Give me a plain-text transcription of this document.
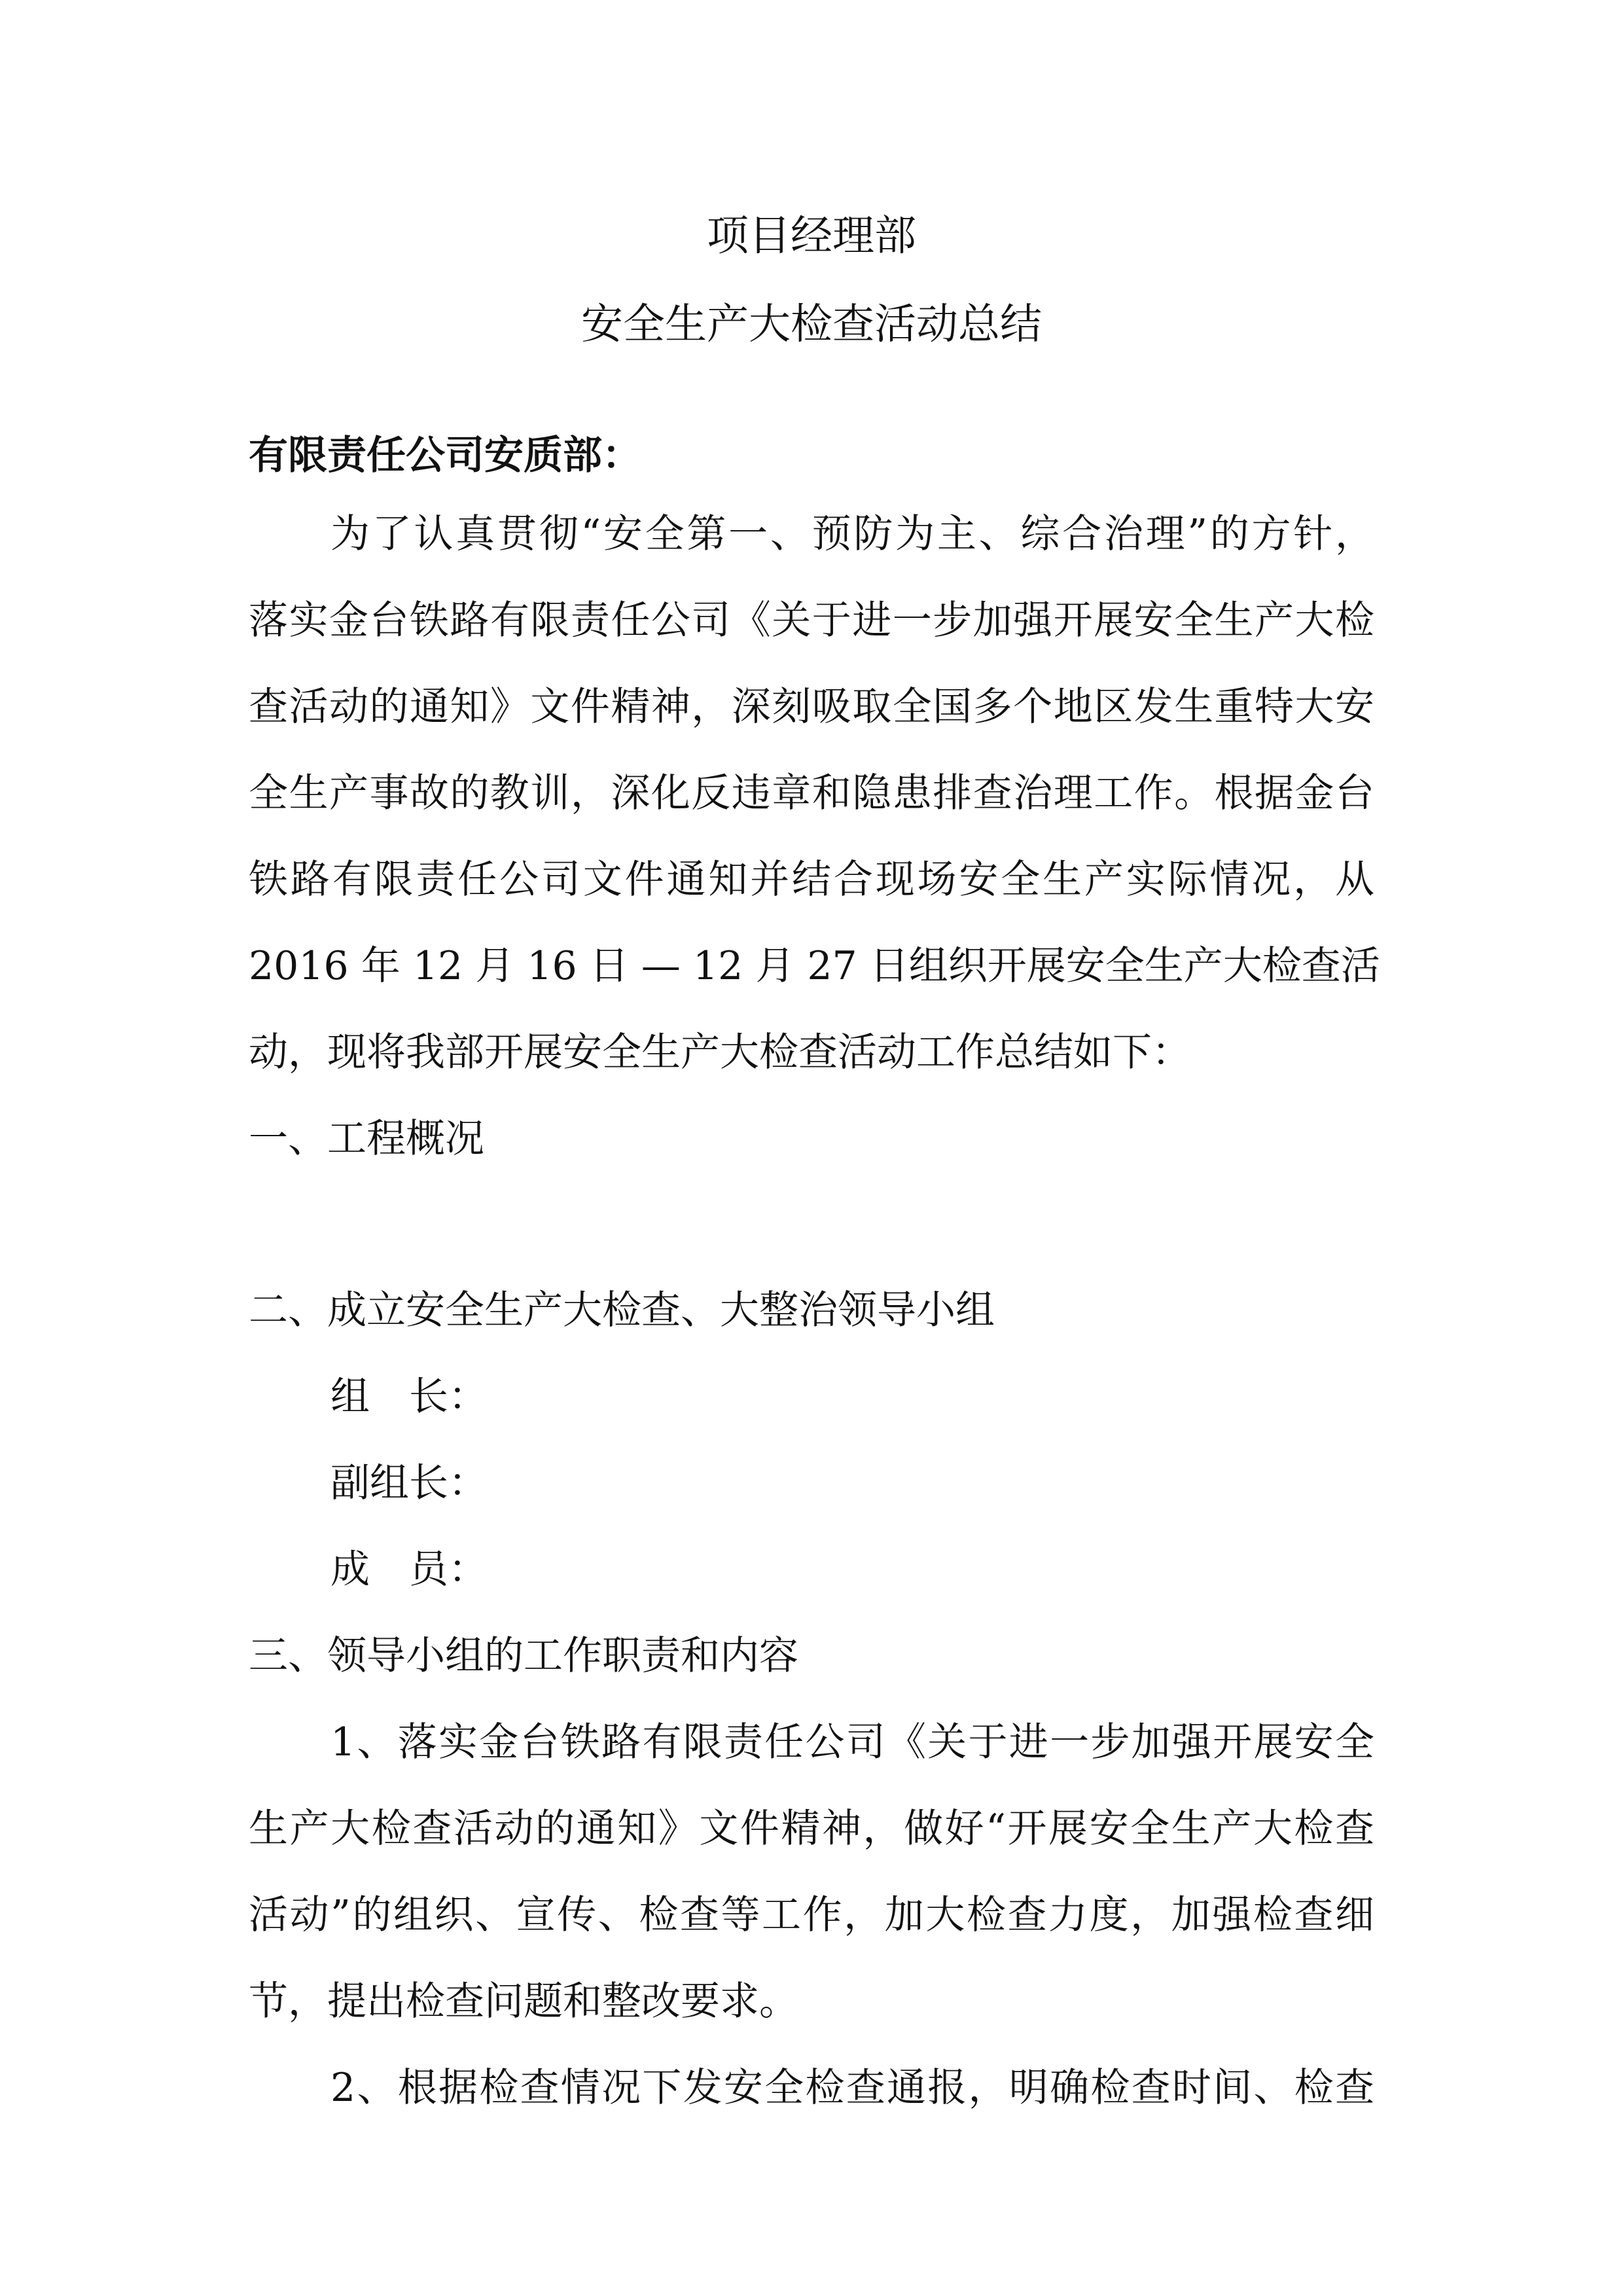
项目经理部
安全生产大检查活动总结
有限责任公司安质部：
为了认真贯彻“安全第一、预防为主、综合治理”的方针，
落实金台铁路有限责任公司《关于进一步加强开展安全生产大检
查活动的通知》文件精神，深刻吸取全国多个地区发生重特大安
全生产事故的教训，深化反违章和隐患排查治理工作。根据金台
铁路有限责任公司文件通知并结合现场安全生产实际情况，从
2016 年 12 月 16 日 — 12 月 27 日组织开展安全生产大检查活
动，现将我部开展安全生产大检查活动工作总结如下：
一、工程概况
二、成立安全生产大检查、大整治领导小组
组　长：
副组长：
成　员：
三、领导小组的工作职责和内容
1、落实金台铁路有限责任公司《关于进一步加强开展安全
生产大检查活动的通知》文件精神，做好“开展安全生产大检查
活动”的组织、宣传、检查等工作，加大检查力度，加强检查细
节，提出检查问题和整改要求。
2、根据检查情况下发安全检查通报，明确检查时间、检查
